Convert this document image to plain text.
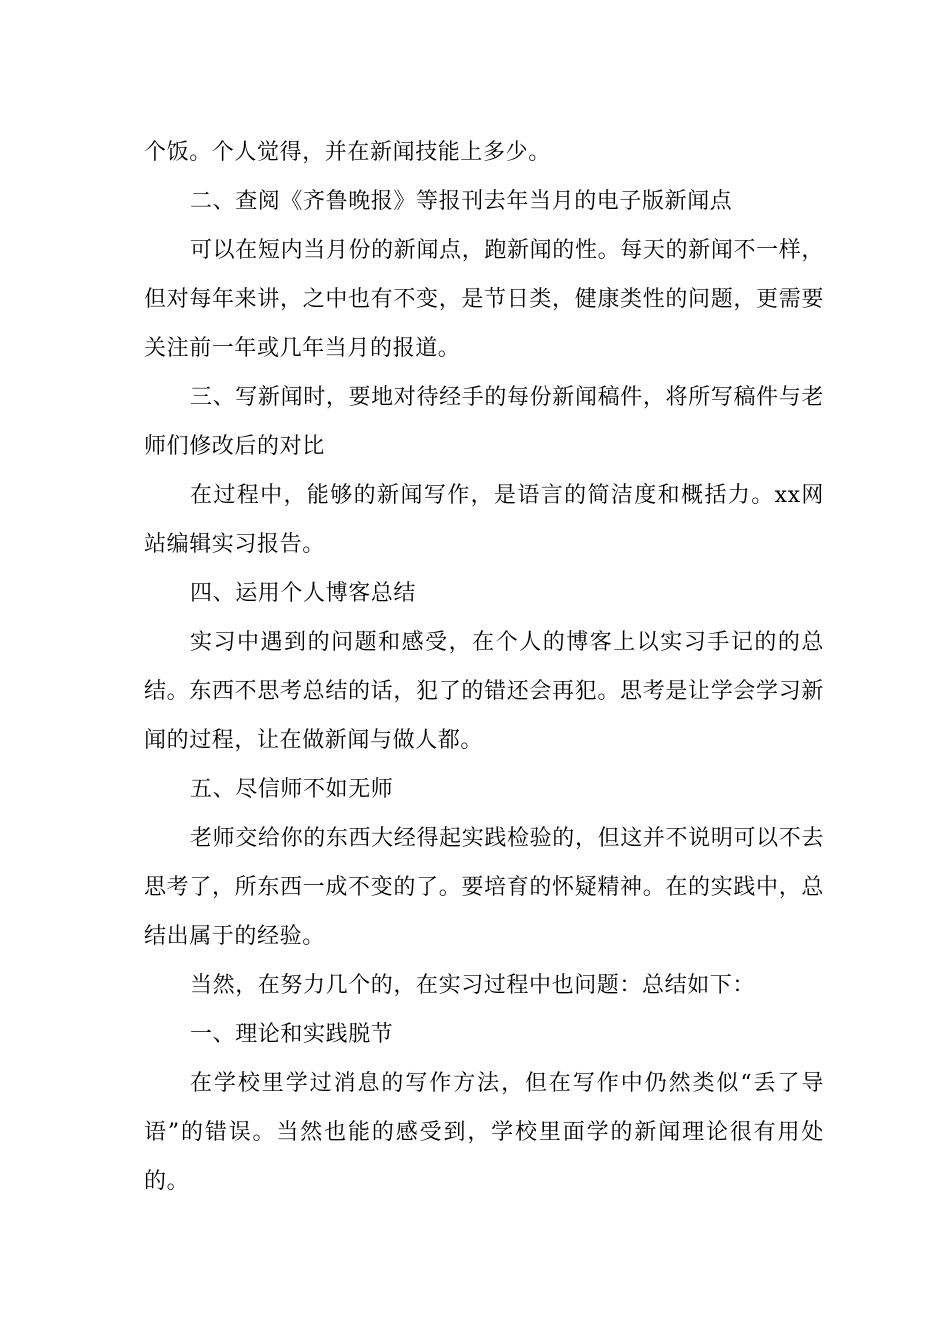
个饭。个人觉得，并在新闻技能上多少。

二、查阅《齐鲁晚报》等报刊去年当月的电子版新闻点

可以在短内当月份的新闻点，跑新闻的性。每天的新闻不一样，但对每年来讲，之中也有不变，是节日类，健康类性的问题，更需要关注前一年或几年当月的报道。

三、写新闻时，要地对待经手的每份新闻稿件，将所写稿件与老师们修改后的对比

在过程中，能够的新闻写作，是语言的简洁度和概括力。xx网站编辑实习报告。

四、运用个人博客总结

实习中遇到的问题和感受，在个人的博客上以实习手记的的总结。东西不思考总结的话，犯了的错还会再犯。思考是让学会学习新闻的过程，让在做新闻与做人都。

五、尽信师不如无师

老师交给你的东西大经得起实践检验的，但这并不说明可以不去思考了，所东西一成不变的了。要培育的怀疑精神。在的实践中，总结出属于的经验。

当然，在努力几个的，在实习过程中也问题：总结如下：

一、理论和实践脱节

在学校里学过消息的写作方法，但在写作中仍然类似“丢了导语”的错误。当然也能的感受到，学校里面学的新闻理论很有用处的。
